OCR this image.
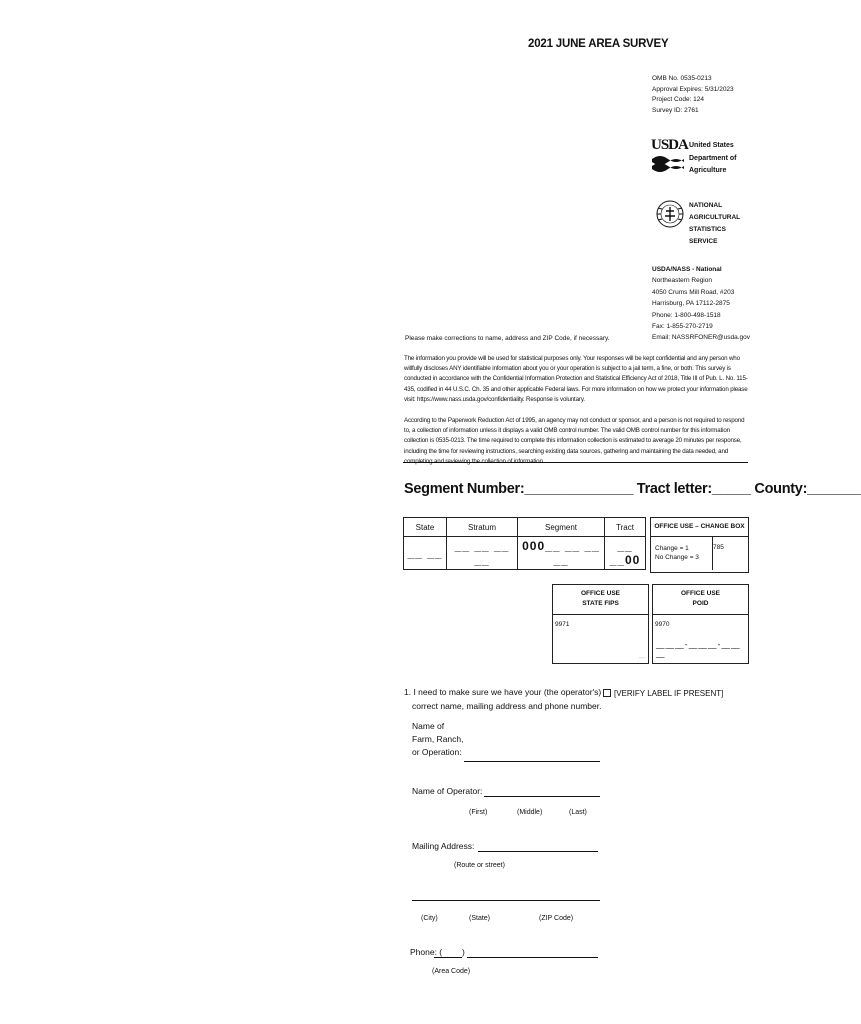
2021 JUNE AREA SURVEY
OMB No. 0535-0213
Approval Expires: 5/31/2023
Project Code: 124
Survey ID: 2761
USDA United States
Department of
Agriculture
NATIONAL
AGRICULTURAL
STATISTICS
SERVICE
USDA/NASS - National
Northeastern Region
4050 Crums Mill Road, #203
Harrisburg, PA 17112-2875
Phone: 1-800-498-1518
Fax: 1-855-270-2719
Email: NASSRFONER@usda.gov
Please make corrections to name, address and ZIP Code, if necessary.
The information you provide will be used for statistical purposes only. Your responses will be kept confidential and any person who willfully discloses ANY identifiable information about you or your operation is subject to a jail term, a fine, or both. This survey is conducted in accordance with the Confidential Information Protection and Statistical Efficiency Act of 2018, Title III of Pub. L. No. 115-435, codified in 44 U.S.C. Ch. 35 and other applicable Federal laws. For more information on how we protect your information please visit: https://www.nass.usda.gov/confidentiality. Response is voluntary.
According to the Paperwork Reduction Act of 1995, an agency may not conduct or sponsor, and a person is not required to respond to, a collection of information unless it displays a valid OMB control number. The valid OMB control number for this information collection is 0535-0213. The time required to complete this information collection is estimated to average 20 minutes per response, including the time for reviewing instructions, searching existing data sources, gathering and maintaining the data needed, and completing and reviewing the collection of information.
Segment Number:______________ Tract letter:_____ County:_______
State	Stratum	Segment	Tract
__ __	__ __ __ __	000__ __ __ __	__ __00
OFFICE USE – CHANGE BOX
Change = 1
No Change = 3
785
OFFICE USE
STATE FIPS
9971
⁃⁃⁃⁃
OFFICE USE
POID
9970
__ __ __ - __ __ __ - __ __ __
1. I need to make sure we have your (the operator's)
correct name, mailing address and phone number.
[VERIFY LABEL IF PRESENT]
Name of
Farm, Ranch,
or Operation:
Name of Operator:
(First)	(Middle)	(Last)
Mailing Address:
(Route or street)
(City)	(State)	(ZIP Code)
Phone: ( )
(Area Code)
